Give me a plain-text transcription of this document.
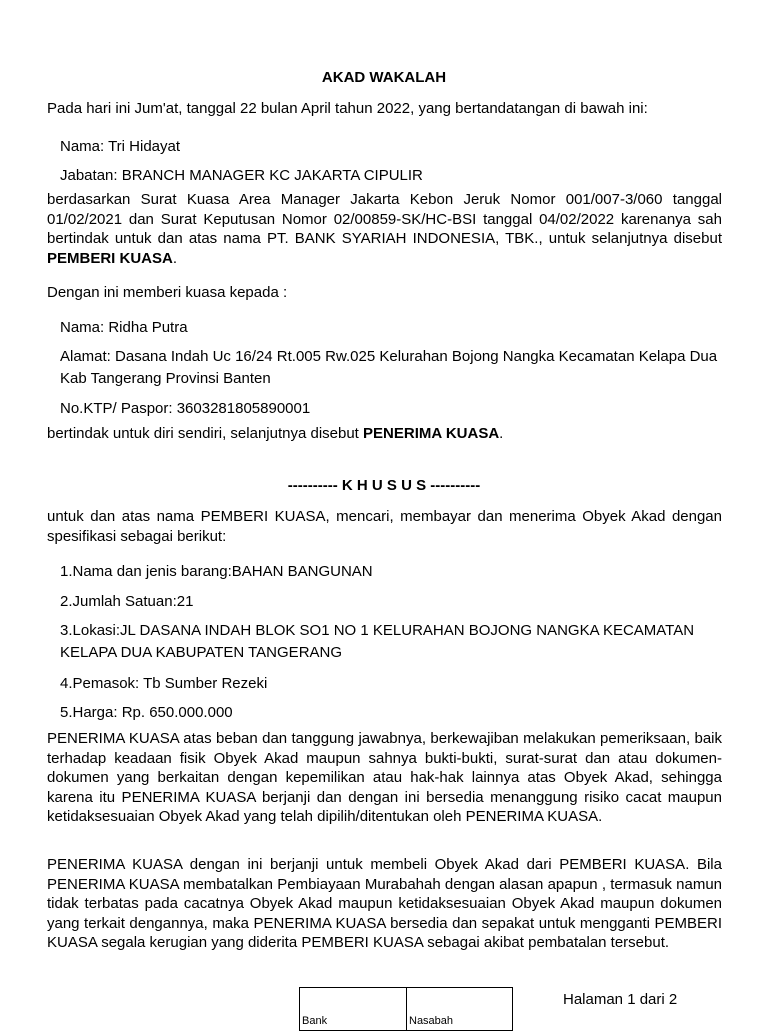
AKAD WAKALAH
Pada hari ini Jum'at, tanggal 22 bulan April tahun 2022, yang bertandatangan di bawah ini:
Nama: Tri Hidayat
Jabatan: BRANCH MANAGER KC JAKARTA CIPULIR
berdasarkan Surat Kuasa Area Manager Jakarta Kebon Jeruk Nomor 001/007-3/060 tanggal 01/02/2021 dan Surat Keputusan Nomor 02/00859-SK/HC-BSI tanggal 04/02/2022 karenanya sah bertindak untuk dan atas nama PT. BANK SYARIAH INDONESIA, TBK., untuk selanjutnya disebut PEMBERI KUASA.
Dengan ini memberi kuasa kepada :
Nama: Ridha Putra
Alamat: Dasana Indah Uc 16/24 Rt.005 Rw.025 Kelurahan Bojong Nangka Kecamatan Kelapa Dua Kab Tangerang Provinsi Banten
No.KTP/ Paspor: 3603281805890001
bertindak untuk diri sendiri, selanjutnya disebut PENERIMA KUASA.
---------- K H U S U S ----------
untuk dan atas nama PEMBERI KUASA, mencari, membayar dan menerima Obyek Akad dengan spesifikasi sebagai berikut:
1.Nama dan jenis barang:BAHAN BANGUNAN
2.Jumlah Satuan:21
3.Lokasi:JL DASANA INDAH BLOK SO1 NO 1 KELURAHAN BOJONG NANGKA KECAMATAN KELAPA DUA KABUPATEN TANGERANG
4.Pemasok: Tb Sumber Rezeki
5.Harga: Rp. 650.000.000
PENERIMA KUASA atas beban dan tanggung jawabnya, berkewajiban melakukan pemeriksaan, baik terhadap keadaan fisik Obyek Akad maupun sahnya bukti-bukti, surat-surat dan atau dokumen-dokumen yang berkaitan dengan kepemilikan atau hak-hak lainnya atas Obyek Akad, sehingga karena itu PENERIMA KUASA berjanji dan dengan ini bersedia menanggung risiko cacat maupun ketidaksesuaian Obyek Akad yang telah dipilih/ditentukan oleh PENERIMA KUASA.
PENERIMA KUASA dengan ini berjanji untuk membeli Obyek Akad dari PEMBERI KUASA. Bila PENERIMA KUASA membatalkan Pembiayaan Murabahah dengan alasan apapun , termasuk namun tidak terbatas pada cacatnya Obyek Akad maupun ketidaksesuaian Obyek Akad maupun dokumen yang terkait dengannya, maka PENERIMA KUASA bersedia dan sepakat untuk mengganti PEMBERI KUASA segala kerugian yang diderita PEMBERI KUASA sebagai akibat pembatalan tersebut.
Bank	Nasabah
Halaman 1 dari 2
